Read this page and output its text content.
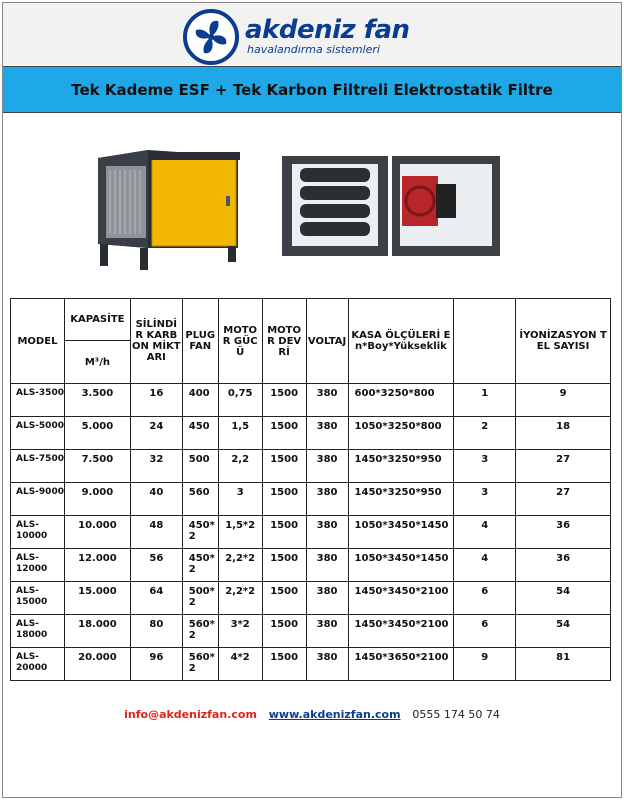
akdeniz fan
havalandırma sistemleri
Tek Kademe ESF + Tek Karbon Filtreli Elektrostatik Filtre
MODEL	KAPASİTE	SİLİNDİR KARBON MİKTARI	PLUG FAN	MOTOR GÜCÜ	MOTOR DEVRİ	VOLTAJ	KASA ÖLÇÜLERİ En*Boy*Yükseklik		İYONİZASYON TEL SAYISI
	M³/h								
ALS-3500	3.500	16	400	0,75	1500	380	600*3250*800	1	9
ALS-5000	5.000	24	450	1,5	1500	380	1050*3250*800	2	18
ALS-7500	7.500	32	500	2,2	1500	380	1450*3250*950	3	27
ALS-9000	9.000	40	560	3	1500	380	1450*3250*950	3	27
ALS-10000	10.000	48	450*2	1,5*2	1500	380	1050*3450*1450	4	36
ALS-12000	12.000	56	450*2	2,2*2	1500	380	1050*3450*1450	4	36
ALS-15000	15.000	64	500*2	2,2*2	1500	380	1450*3450*2100	6	54
ALS-18000	18.000	80	560*2	3*2	1500	380	1450*3450*2100	6	54
ALS-20000	20.000	96	560*2	4*2	1500	380	1450*3650*2100	9	81
info@akdenizfan.com www.akdenizfan.com 0555 174 50 74
